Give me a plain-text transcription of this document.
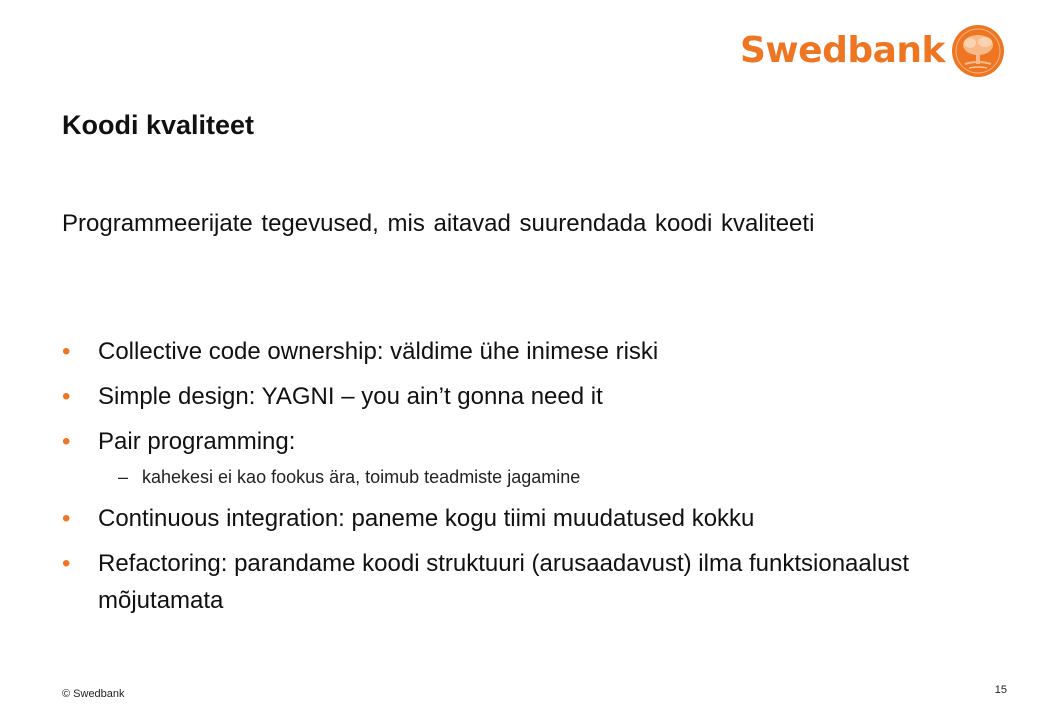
Swedbank
Koodi kvaliteet

Programmeerijate tegevused, mis aitavad suurendada koodi kvaliteeti

• Collective code ownership: väldime ühe inimese riski
• Simple design: YAGNI – you ain’t gonna need it
• Pair programming:
– kahekesi ei kao fookus ära, toimub teadmiste jagamine
• Continuous integration: paneme kogu tiimi muudatused kokku
• Refactoring: parandame koodi struktuuri (arusaadavust) ilma funktsionaalust mõjutamata
© Swedbank	15
